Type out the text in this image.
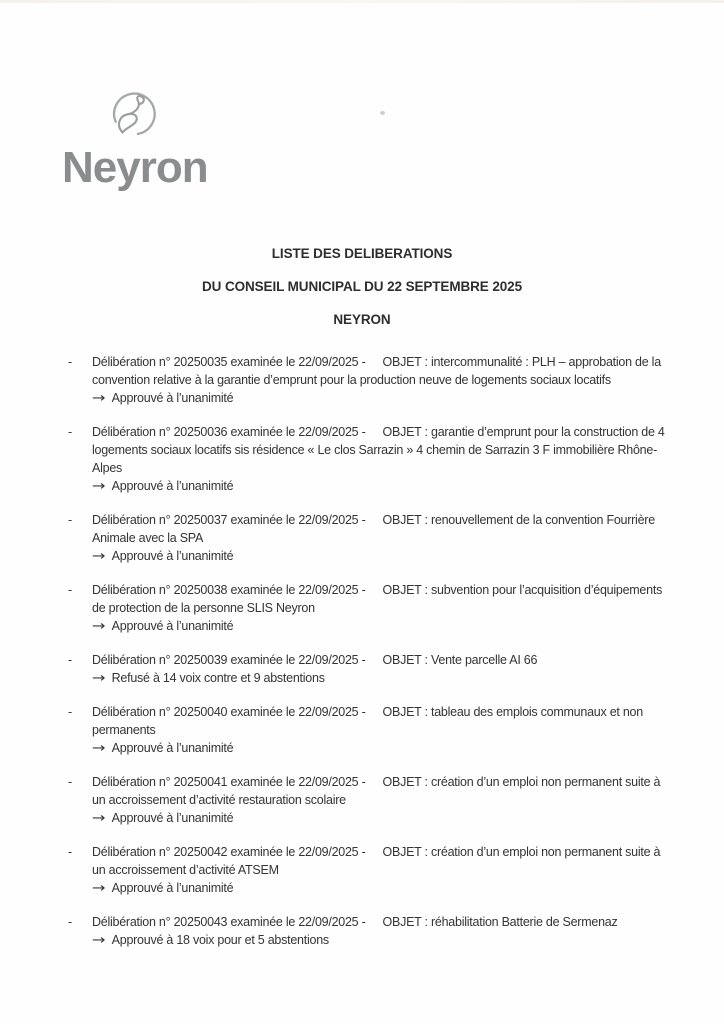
Neyron

LISTE DES DELIBERATIONS

DU CONSEIL MUNICIPAL DU 22 SEPTEMBRE 2025

NEYRON

- Délibération n° 20250035 examinée le 22/09/2025 - OBJET : intercommunalité : PLH – approbation de la convention relative à la garantie d’emprunt pour la production neuve de logements sociaux locatifs

→ Approuvé à l’unanimité

- Délibération n° 20250036 examinée le 22/09/2025 - OBJET : garantie d’emprunt pour la construction de 4 logements sociaux locatifs sis résidence « Le clos Sarrazin » 4 chemin de Sarrazin 3 F immobilière Rhône-Alpes

→ Approuvé à l’unanimité

- Délibération n° 20250037 examinée le 22/09/2025 - OBJET : renouvellement de la convention Fourrière Animale avec la SPA

→ Approuvé à l’unanimité

- Délibération n° 20250038 examinée le 22/09/2025 - OBJET : subvention pour l’acquisition d’équipements de protection de la personne SLIS Neyron

→ Approuvé à l’unanimité

- Délibération n° 20250039 examinée le 22/09/2025 - OBJET : Vente parcelle AI 66

→ Refusé à 14 voix contre et 9 abstentions

- Délibération n° 20250040 examinée le 22/09/2025 - OBJET : tableau des emplois communaux et non permanents

→ Approuvé à l’unanimité

- Délibération n° 20250041 examinée le 22/09/2025 - OBJET : création d’un emploi non permanent suite à un accroissement d’activité restauration scolaire

→ Approuvé à l’unanimité

- Délibération n° 20250042 examinée le 22/09/2025 - OBJET : création d’un emploi non permanent suite à un accroissement d’activité ATSEM

→ Approuvé à l’unanimité

- Délibération n° 20250043 examinée le 22/09/2025 - OBJET : réhabilitation Batterie de Sermenaz

→ Approuvé à 18 voix pour et 5 abstentions
